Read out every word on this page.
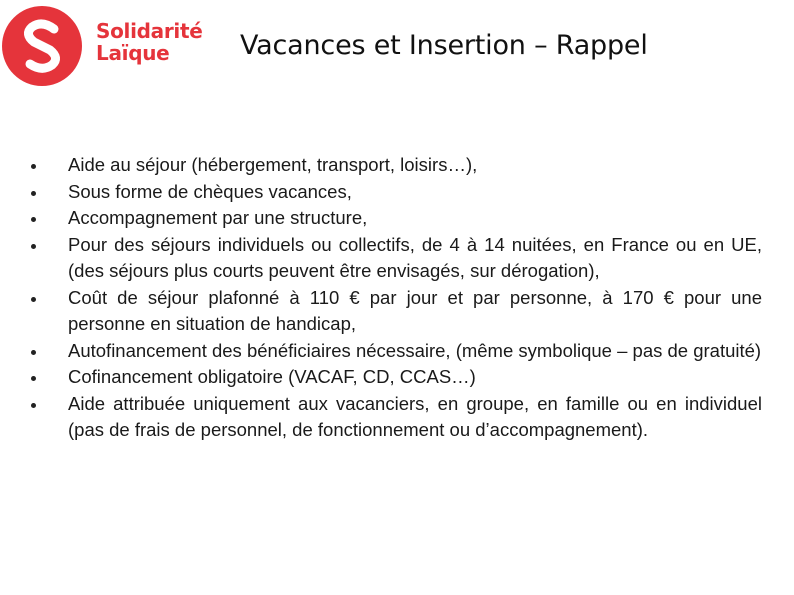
Solidarité
Laïque	Vacances et Insertion – Rappel
Aide au séjour (hébergement, transport, loisirs…),
Sous forme de chèques vacances,
Accompagnement par une structure,
Pour des séjours individuels ou collectifs, de 4 à 14 nuitées, en France ou en UE, (des séjours plus courts peuvent être envisagés, sur dérogation),
Coût de séjour plafonné à 110 € par jour et par personne, à 170 € pour une personne en situation de handicap,
Autofinancement des bénéficiaires nécessaire, (même symbolique – pas de gratuité)
Cofinancement obligatoire (VACAF, CD, CCAS…)
Aide attribuée uniquement aux vacanciers, en groupe, en famille ou en individuel (pas de frais de personnel, de fonctionnement ou d’accompagnement).
